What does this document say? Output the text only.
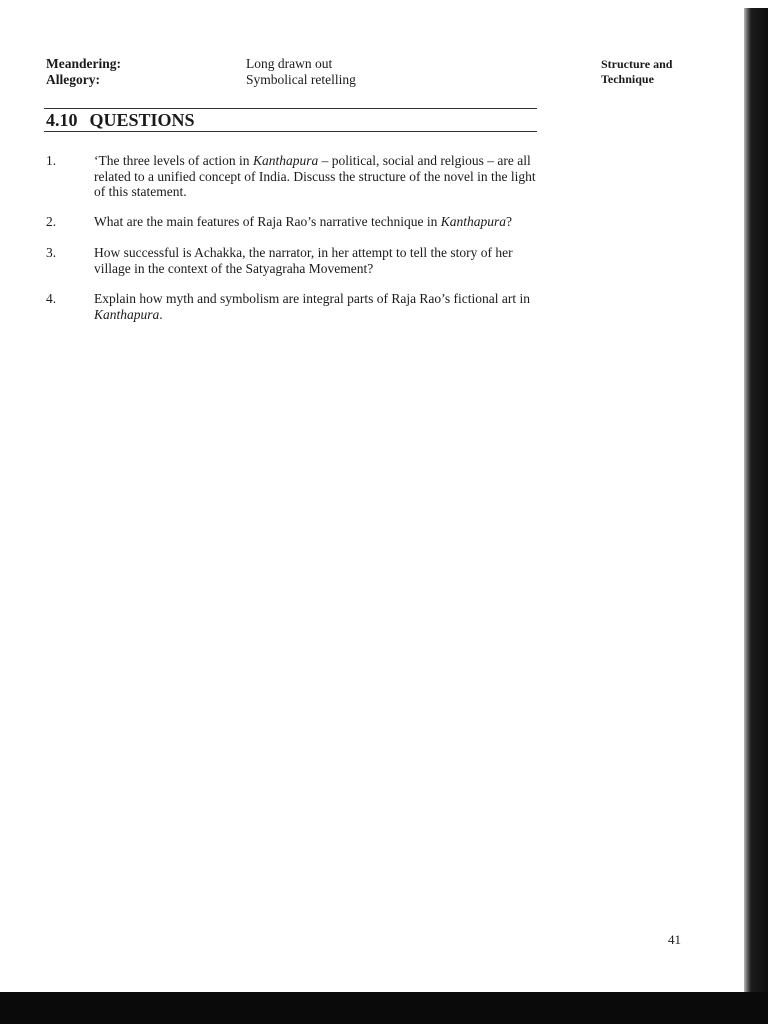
Meandering:	Long drawn out
Allegory:	Symbolical retelling
Structure and
Technique
4.10 QUESTIONS
1.	‘The three levels of action in Kanthapura – political, social and relgious – are all related to a unified concept of India. Discuss the structure of the novel in the light of this statement.
2.	What are the main features of Raja Rao’s narrative technique in Kanthapura?
3.	How successful is Achakka, the narrator, in her attempt to tell the story of her village in the context of the Satyagraha Movement?
4.	Explain how myth and symbolism are integral parts of Raja Rao’s fictional art in Kanthapura.
41
